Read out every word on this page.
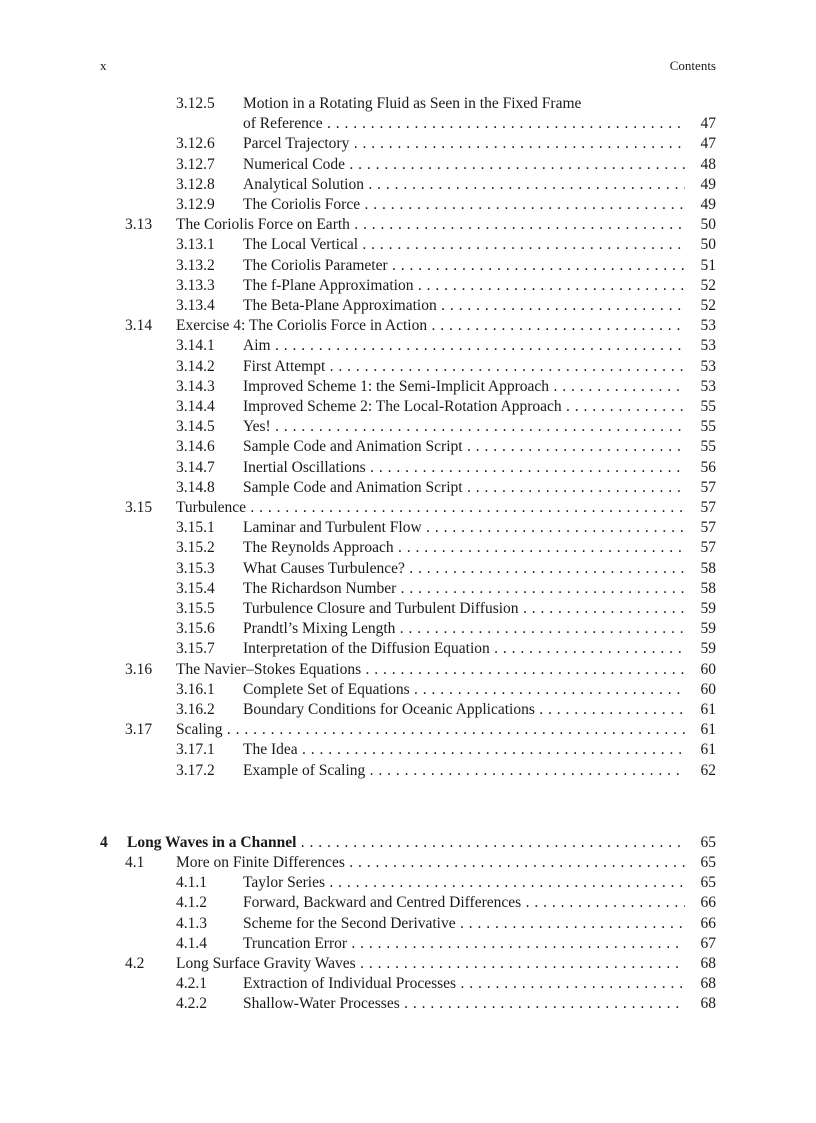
x	Contents
3.12.5 Motion in a Rotating Fluid as Seen in the Fixed Frame
of Reference . . .	47
3.12.6 Parcel Trajectory . . .	47
3.12.7 Numerical Code . . .	48
3.12.8 Analytical Solution . . .	49
3.12.9 The Coriolis Force . . .	49
3.13 The Coriolis Force on Earth . . .	50
3.13.1 The Local Vertical . . .	50
3.13.2 The Coriolis Parameter . . .	51
3.13.3 The f-Plane Approximation . . .	52
3.13.4 The Beta-Plane Approximation . . .	52
3.14 Exercise 4: The Coriolis Force in Action . . .	53
3.14.1 Aim . . .	53
3.14.2 First Attempt . . .	53
3.14.3 Improved Scheme 1: the Semi-Implicit Approach . . .	53
3.14.4 Improved Scheme 2: The Local-Rotation Approach . . .	55
3.14.5 Yes! . . .	55
3.14.6 Sample Code and Animation Script . . .	55
3.14.7 Inertial Oscillations . . .	56
3.14.8 Sample Code and Animation Script . . .	57
3.15 Turbulence . . .	57
3.15.1 Laminar and Turbulent Flow . . .	57
3.15.2 The Reynolds Approach . . .	57
3.15.3 What Causes Turbulence? . . .	58
3.15.4 The Richardson Number . . .	58
3.15.5 Turbulence Closure and Turbulent Diffusion . . .	59
3.15.6 Prandtl’s Mixing Length . . .	59
3.15.7 Interpretation of the Diffusion Equation . . .	59
3.16 The Navier–Stokes Equations . . .	60
3.16.1 Complete Set of Equations . . .	60
3.16.2 Boundary Conditions for Oceanic Applications . . .	61
3.17 Scaling . . .	61
3.17.1 The Idea . . .	61
3.17.2 Example of Scaling . . .	62
4 Long Waves in a Channel . . .	65
4.1 More on Finite Differences . . .	65
4.1.1 Taylor Series . . .	65
4.1.2 Forward, Backward and Centred Differences . . .	66
4.1.3 Scheme for the Second Derivative . . .	66
4.1.4 Truncation Error . . .	67
4.2 Long Surface Gravity Waves . . .	68
4.2.1 Extraction of Individual Processes . . .	68
4.2.2 Shallow-Water Processes . . .	68
